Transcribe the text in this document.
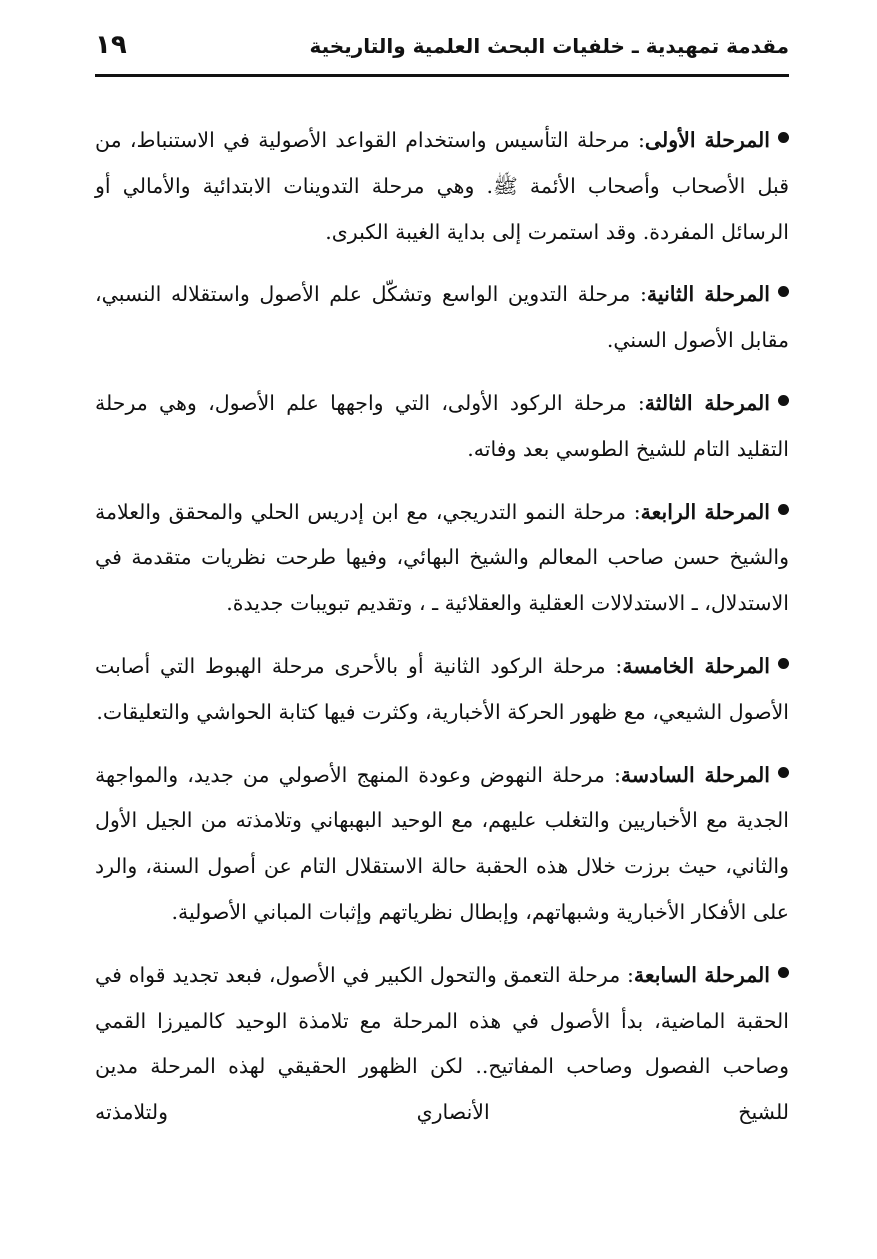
مقدمة تمهيدية ـ خلفيات البحث العلمية والتاريخية
١٩

المرحلة الأولى: مرحلة التأسيس واستخدام القواعد الأصولية في الاستنباط، من قبل الأصحاب وأصحاب الأئمة ﷺ. وهي مرحلة التدوينات الابتدائية والأمالي أو الرسائل المفردة. وقد استمرت إلى بداية الغيبة الكبرى.

المرحلة الثانية: مرحلة التدوين الواسع وتشكّل علم الأصول واستقلاله النسبي، مقابل الأصول السني.

المرحلة الثالثة: مرحلة الركود الأولى، التي واجهها علم الأصول، وهي مرحلة التقليد التام للشيخ الطوسي بعد وفاته.

المرحلة الرابعة: مرحلة النمو التدريجي، مع ابن إدريس الحلي والمحقق والعلامة والشيخ حسن صاحب المعالم والشيخ البهائي، وفيها طرحت نظريات متقدمة في الاستدلال، ـ الاستدلالات العقلية والعقلائية ـ ، وتقديم تبويبات جديدة.

المرحلة الخامسة: مرحلة الركود الثانية أو بالأحرى مرحلة الهبوط التي أصابت الأصول الشيعي، مع ظهور الحركة الأخبارية، وكثرت فيها كتابة الحواشي والتعليقات.

المرحلة السادسة: مرحلة النهوض وعودة المنهج الأصولي من جديد، والمواجهة الجدية مع الأخباريين والتغلب عليهم، مع الوحيد البهبهاني وتلامذته من الجيل الأول والثاني، حيث برزت خلال هذه الحقبة حالة الاستقلال التام عن أصول السنة، والرد على الأفكار الأخبارية وشبهاتهم، وإبطال نظرياتهم وإثبات المباني الأصولية.

المرحلة السابعة: مرحلة التعمق والتحول الكبير في الأصول، فبعد تجديد قواه في الحقبة الماضية، بدأ الأصول في هذه المرحلة مع تلامذة الوحيد كالميرزا القمي وصاحب الفصول وصاحب المفاتيح.. لكن الظهور الحقيقي لهذه المرحلة مدين للشيخ الأنصاري ولتلامذته
